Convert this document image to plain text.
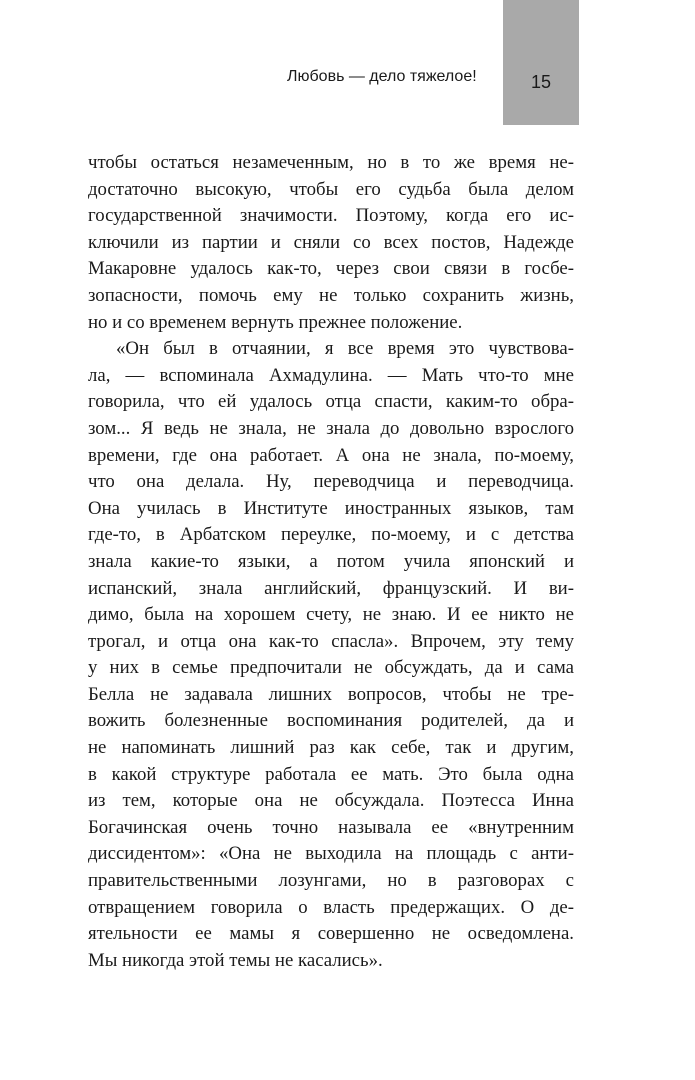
Любовь — дело тяжелое!	15
чтобы остаться незамеченным, но в то же время не-
достаточно высокую, чтобы его судьба была делом
государственной значимости. Поэтому, когда его ис-
ключили из партии и сняли со всех постов, Надежде
Макаровне удалось как-то, через свои связи в госбе-
зопасности, помочь ему не только сохранить жизнь,
но и со временем вернуть прежнее положение.
«Он был в отчаянии, я все время это чувствова-
ла, — вспоминала Ахмадулина. — Мать что-то мне
говорила, что ей удалось отца спасти, каким-то обра-
зом... Я ведь не знала, не знала до довольно взрослого
времени, где она работает. А она не знала, по-моему,
что она делала. Ну, переводчица и переводчица.
Она училась в Институте иностранных языков, там
где-то, в Арбатском переулке, по-моему, и с детства
знала какие-то языки, а потом учила японский и
испанский, знала английский, французский. И ви-
димо, была на хорошем счету, не знаю. И ее никто не
трогал, и отца она как-то спасла». Впрочем, эту тему
у них в семье предпочитали не обсуждать, да и сама
Белла не задавала лишних вопросов, чтобы не тре-
вожить болезненные воспоминания родителей, да и
не напоминать лишний раз как себе, так и другим,
в какой структуре работала ее мать. Это была одна
из тем, которые она не обсуждала. Поэтесса Инна
Богачинская очень точно называла ее «внутренним
диссидентом»: «Она не выходила на площадь с анти-
правительственными лозунгами, но в разговорах с
отвращением говорила о власть предержащих. О де-
ятельности ее мамы я совершенно не осведомлена.
Мы никогда этой темы не касались».
